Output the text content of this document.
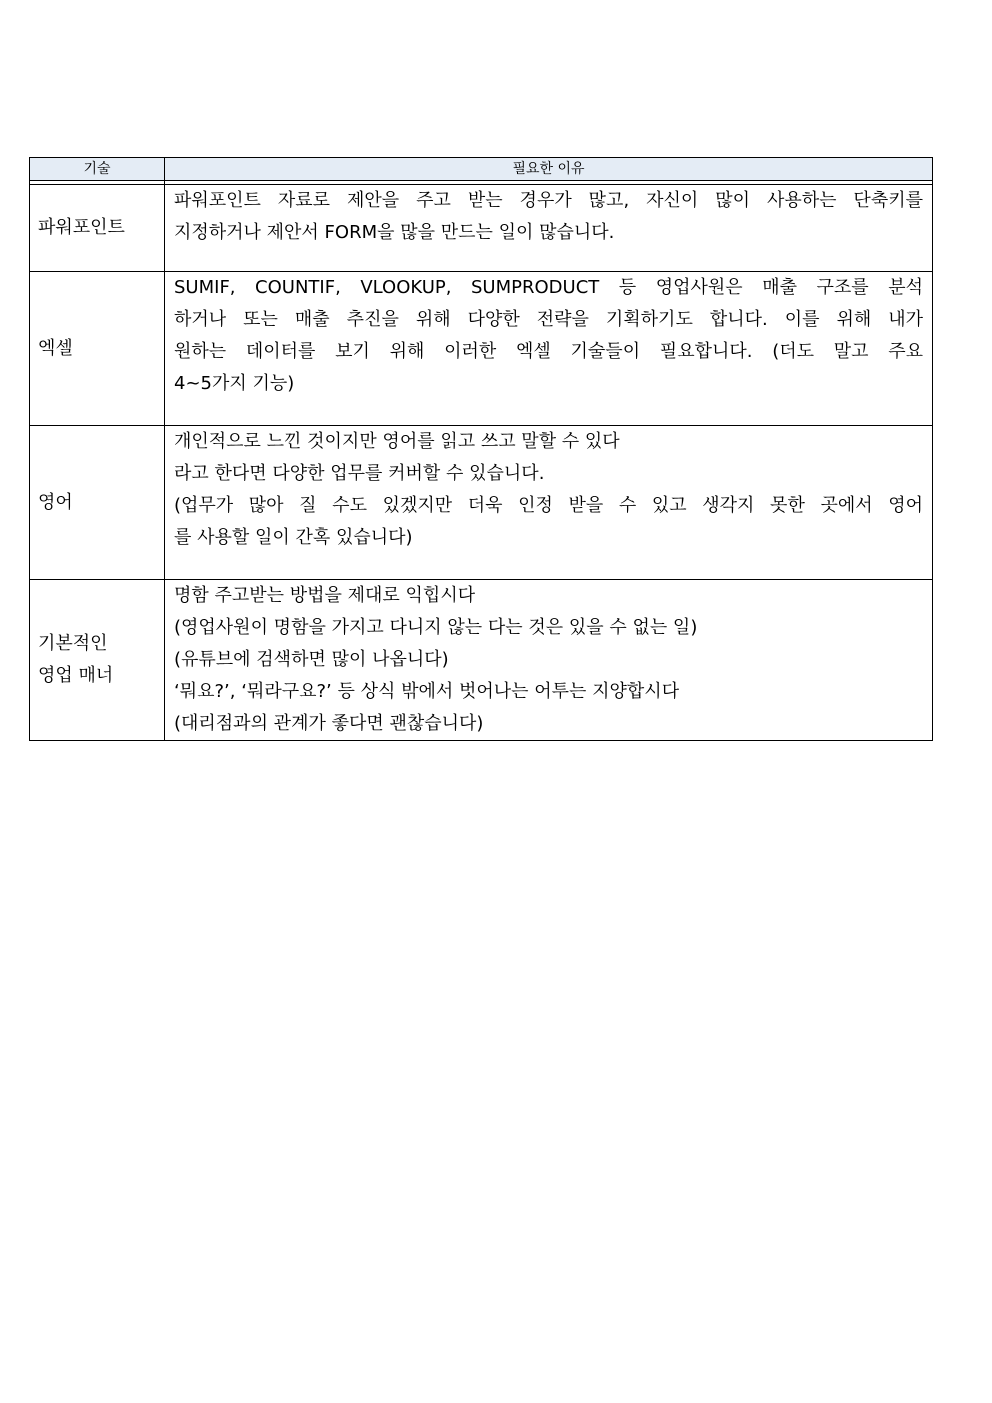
기술	필요한 이유

파워포인트	파워포인트 자료로 제안을 주고 받는 경우가 많고, 자신이 많이 사용하는 단축키를
지정하거나 제안서 FORM을 많을 만드는 일이 많습니다.

엑셀	SUMIF, COUNTIF, VLOOKUP, SUMPRODUCT 등 영업사원은 매출 구조를 분석
하거나 또는 매출 추진을 위해 다양한 전략을 기획하기도 합니다. 이를 위해 내가
원하는 데이터를 보기 위해 이러한 엑셀 기술들이 필요합니다. (더도 말고 주요
4~5가지 기능)

영어	개인적으로 느낀 것이지만 영어를 읽고 쓰고 말할 수 있다
라고 한다면 다양한 업무를 커버할 수 있습니다.
(업무가 많아 질 수도 있겠지만 더욱 인정 받을 수 있고 생각지 못한 곳에서 영어
를 사용할 일이 간혹 있습니다)

기본적인
영업 매너	명함 주고받는 방법을 제대로 익힙시다
(영업사원이 명함을 가지고 다니지 않는 다는 것은 있을 수 없는 일)
(유튜브에 검색하면 많이 나옵니다)
‘뭐요?’, ‘뭐라구요?’ 등 상식 밖에서 벗어나는 어투는 지양합시다
(대리점과의 관계가 좋다면 괜찮습니다)
